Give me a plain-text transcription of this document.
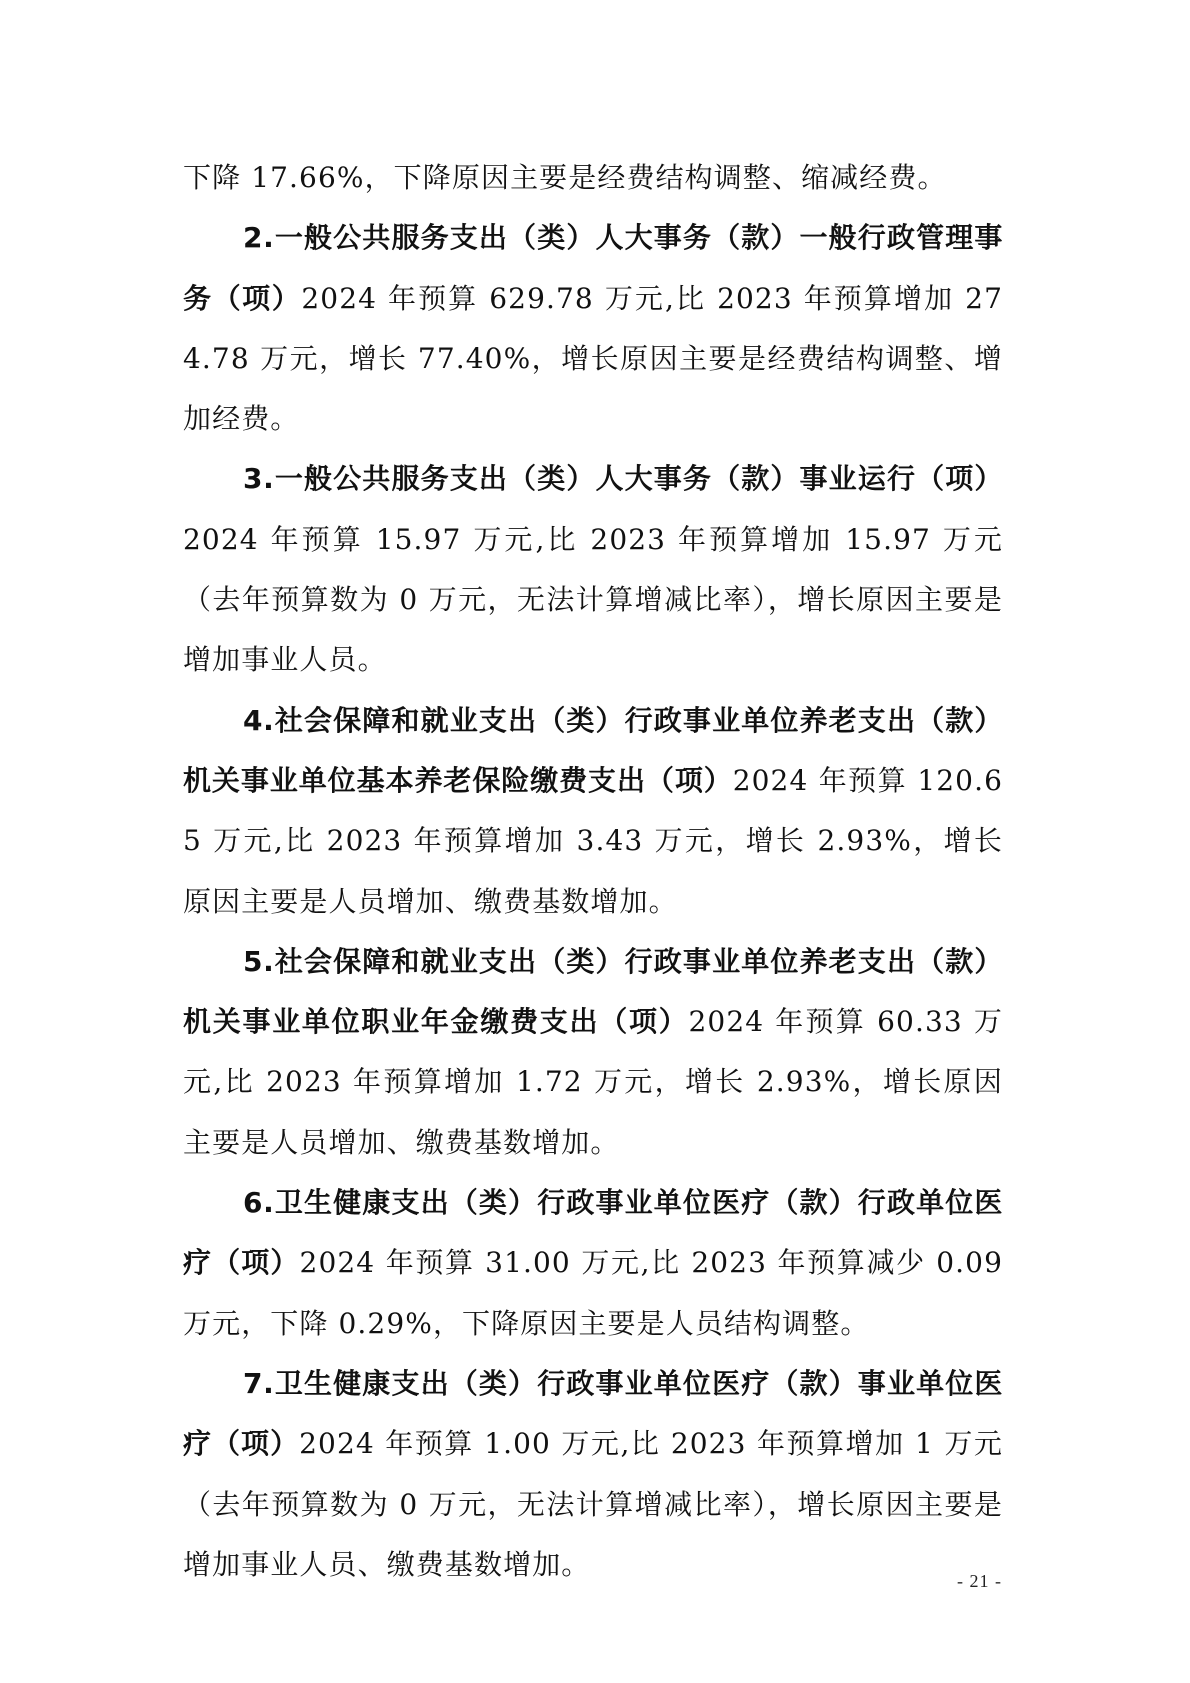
下降 17.66%，下降原因主要是经费结构调整、缩减经费。

2.一般公共服务支出（类）人大事务（款）一般行政管理事务（项）2024 年预算 629.78 万元,比 2023 年预算增加 274.78 万元，增长 77.40%，增长原因主要是经费结构调整、增加经费。

3.一般公共服务支出（类）人大事务（款）事业运行（项）2024 年预算 15.97 万元,比 2023 年预算增加 15.97 万元（去年预算数为 0 万元，无法计算增减比率），增长原因主要是增加事业人员。

4.社会保障和就业支出（类）行政事业单位养老支出（款）机关事业单位基本养老保险缴费支出（项）2024 年预算 120.65 万元,比 2023 年预算增加 3.43 万元，增长 2.93%，增长原因主要是人员增加、缴费基数增加。

5.社会保障和就业支出（类）行政事业单位养老支出（款）机关事业单位职业年金缴费支出（项）2024 年预算 60.33 万元,比 2023 年预算增加 1.72 万元，增长 2.93%，增长原因主要是人员增加、缴费基数增加。

6.卫生健康支出（类）行政事业单位医疗（款）行政单位医疗（项）2024 年预算 31.00 万元,比 2023 年预算减少 0.09 万元，下降 0.29%，下降原因主要是人员结构调整。

7.卫生健康支出（类）行政事业单位医疗（款）事业单位医疗（项）2024 年预算 1.00 万元,比 2023 年预算增加 1 万元（去年预算数为 0 万元，无法计算增减比率），增长原因主要是增加事业人员、缴费基数增加。

- 21 -
